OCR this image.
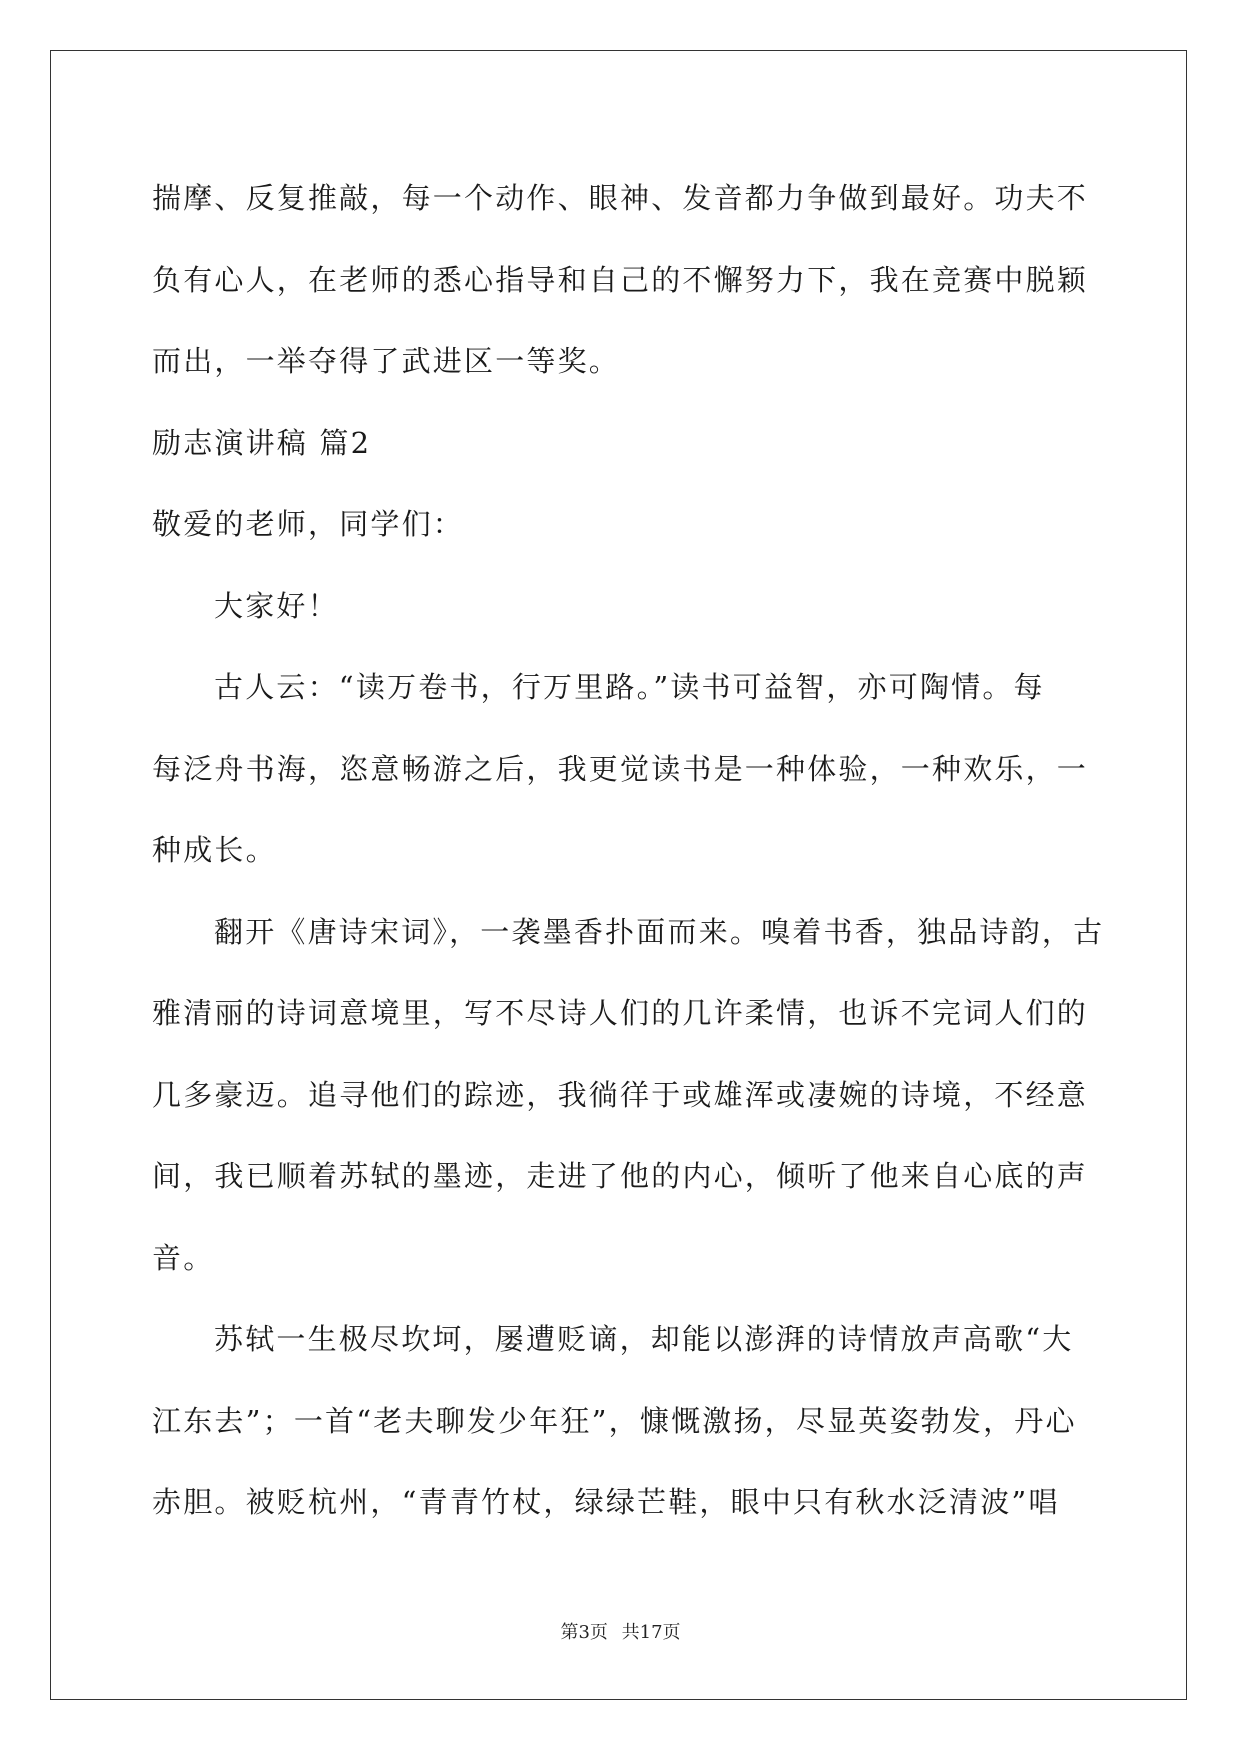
揣摩、反复推敲，每一个动作、眼神、发音都力争做到最好。功夫不
负有心人，在老师的悉心指导和自己的不懈努力下，我在竞赛中脱颖
而出，一举夺得了武进区一等奖。
励志演讲稿 篇2
敬爱的老师，同学们：
大家好！
古人云：“读万卷书，行万里路。”读书可益智，亦可陶情。每
每泛舟书海，恣意畅游之后，我更觉读书是一种体验，一种欢乐，一
种成长。
翻开《唐诗宋词》，一袭墨香扑面而来。嗅着书香，独品诗韵，古
雅清丽的诗词意境里，写不尽诗人们的几许柔情，也诉不完词人们的
几多豪迈。追寻他们的踪迹，我徜徉于或雄浑或凄婉的诗境，不经意
间，我已顺着苏轼的墨迹，走进了他的内心，倾听了他来自心底的声
音。
苏轼一生极尽坎坷，屡遭贬谪，却能以澎湃的诗情放声高歌“大
江东去”；一首“老夫聊发少年狂”，慷慨激扬，尽显英姿勃发，丹心
赤胆。被贬杭州，“青青竹杖，绿绿芒鞋，眼中只有秋水泛清波”唱
第3页 共17页
